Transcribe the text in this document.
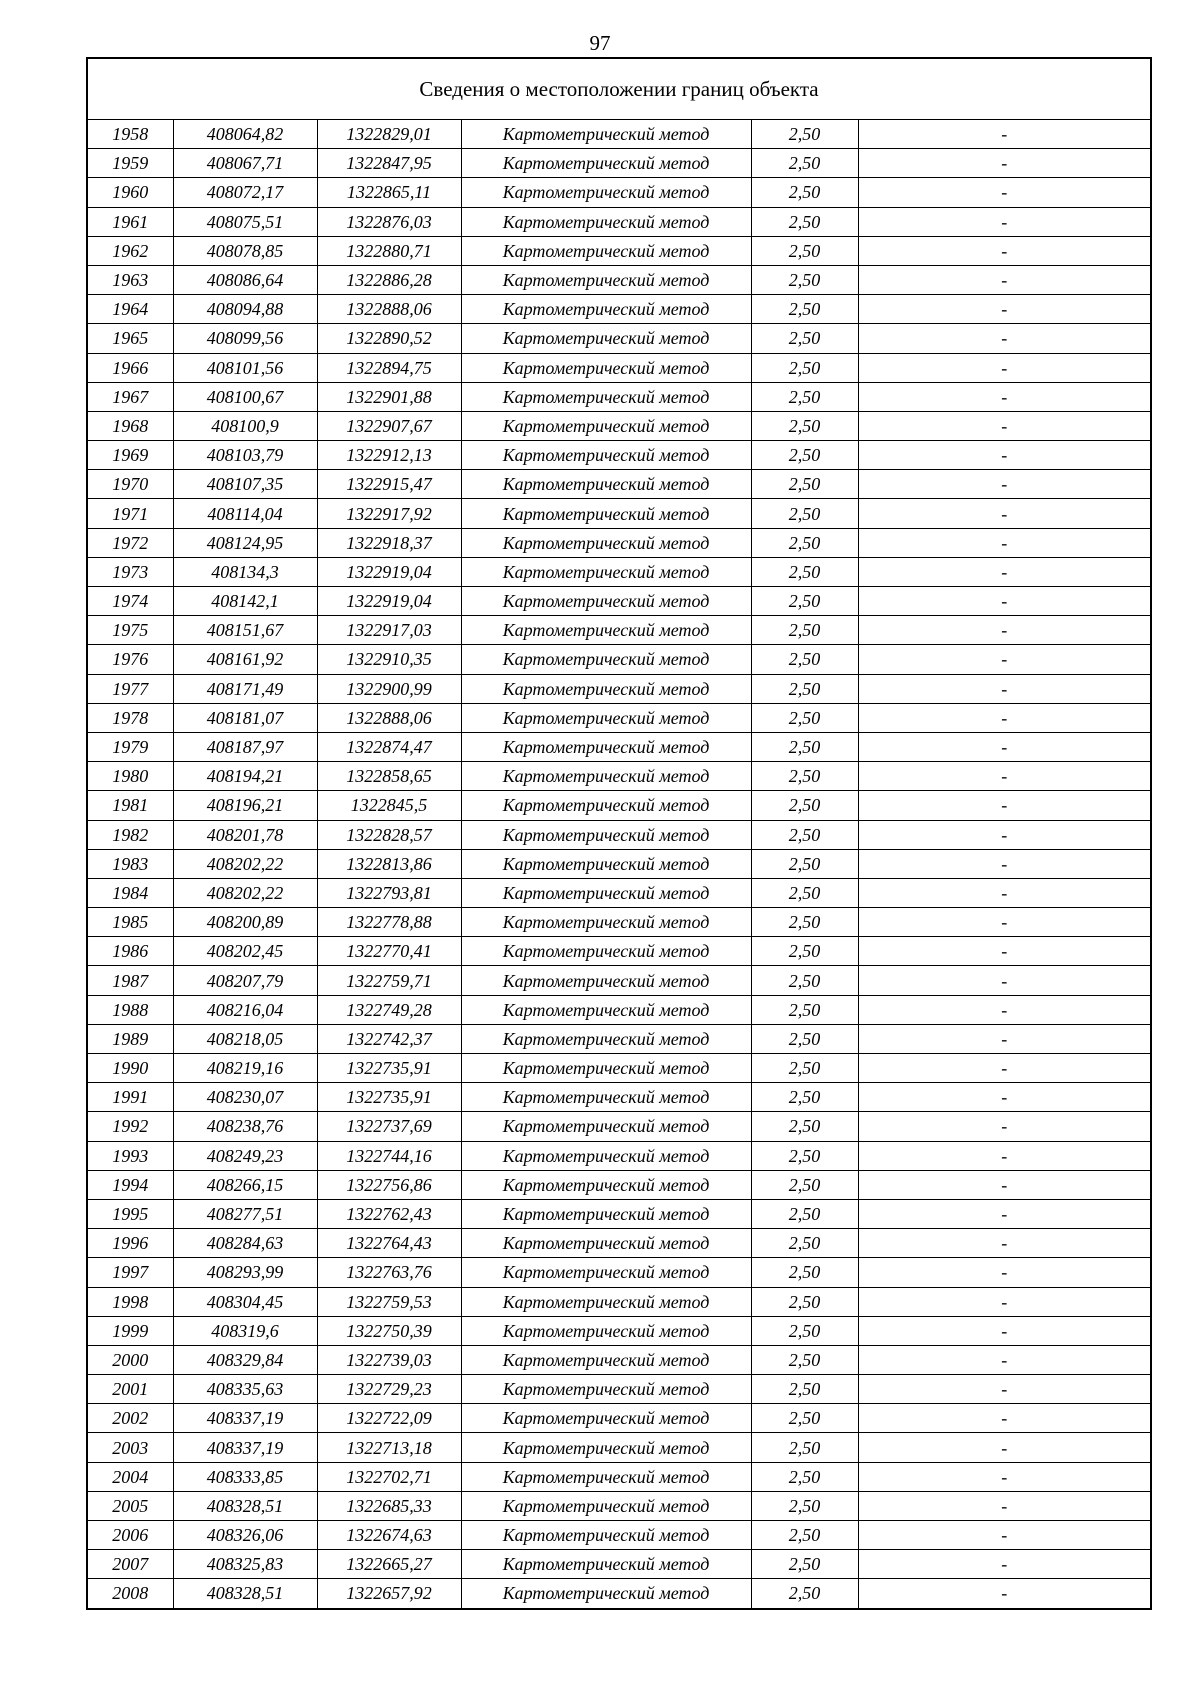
97
Сведения о местоположении границ объекта					
1958	408064,82	1322829,01	Картометрический метод	2,50	-
1959	408067,71	1322847,95	Картометрический метод	2,50	-
1960	408072,17	1322865,11	Картометрический метод	2,50	-
1961	408075,51	1322876,03	Картометрический метод	2,50	-
1962	408078,85	1322880,71	Картометрический метод	2,50	-
1963	408086,64	1322886,28	Картометрический метод	2,50	-
1964	408094,88	1322888,06	Картометрический метод	2,50	-
1965	408099,56	1322890,52	Картометрический метод	2,50	-
1966	408101,56	1322894,75	Картометрический метод	2,50	-
1967	408100,67	1322901,88	Картометрический метод	2,50	-
1968	408100,9	1322907,67	Картометрический метод	2,50	-
1969	408103,79	1322912,13	Картометрический метод	2,50	-
1970	408107,35	1322915,47	Картометрический метод	2,50	-
1971	408114,04	1322917,92	Картометрический метод	2,50	-
1972	408124,95	1322918,37	Картометрический метод	2,50	-
1973	408134,3	1322919,04	Картометрический метод	2,50	-
1974	408142,1	1322919,04	Картометрический метод	2,50	-
1975	408151,67	1322917,03	Картометрический метод	2,50	-
1976	408161,92	1322910,35	Картометрический метод	2,50	-
1977	408171,49	1322900,99	Картометрический метод	2,50	-
1978	408181,07	1322888,06	Картометрический метод	2,50	-
1979	408187,97	1322874,47	Картометрический метод	2,50	-
1980	408194,21	1322858,65	Картометрический метод	2,50	-
1981	408196,21	1322845,5	Картометрический метод	2,50	-
1982	408201,78	1322828,57	Картометрический метод	2,50	-
1983	408202,22	1322813,86	Картометрический метод	2,50	-
1984	408202,22	1322793,81	Картометрический метод	2,50	-
1985	408200,89	1322778,88	Картометрический метод	2,50	-
1986	408202,45	1322770,41	Картометрический метод	2,50	-
1987	408207,79	1322759,71	Картометрический метод	2,50	-
1988	408216,04	1322749,28	Картометрический метод	2,50	-
1989	408218,05	1322742,37	Картометрический метод	2,50	-
1990	408219,16	1322735,91	Картометрический метод	2,50	-
1991	408230,07	1322735,91	Картометрический метод	2,50	-
1992	408238,76	1322737,69	Картометрический метод	2,50	-
1993	408249,23	1322744,16	Картометрический метод	2,50	-
1994	408266,15	1322756,86	Картометрический метод	2,50	-
1995	408277,51	1322762,43	Картометрический метод	2,50	-
1996	408284,63	1322764,43	Картометрический метод	2,50	-
1997	408293,99	1322763,76	Картометрический метод	2,50	-
1998	408304,45	1322759,53	Картометрический метод	2,50	-
1999	408319,6	1322750,39	Картометрический метод	2,50	-
2000	408329,84	1322739,03	Картометрический метод	2,50	-
2001	408335,63	1322729,23	Картометрический метод	2,50	-
2002	408337,19	1322722,09	Картометрический метод	2,50	-
2003	408337,19	1322713,18	Картометрический метод	2,50	-
2004	408333,85	1322702,71	Картометрический метод	2,50	-
2005	408328,51	1322685,33	Картометрический метод	2,50	-
2006	408326,06	1322674,63	Картометрический метод	2,50	-
2007	408325,83	1322665,27	Картометрический метод	2,50	-
2008	408328,51	1322657,92	Картометрический метод	2,50	-
